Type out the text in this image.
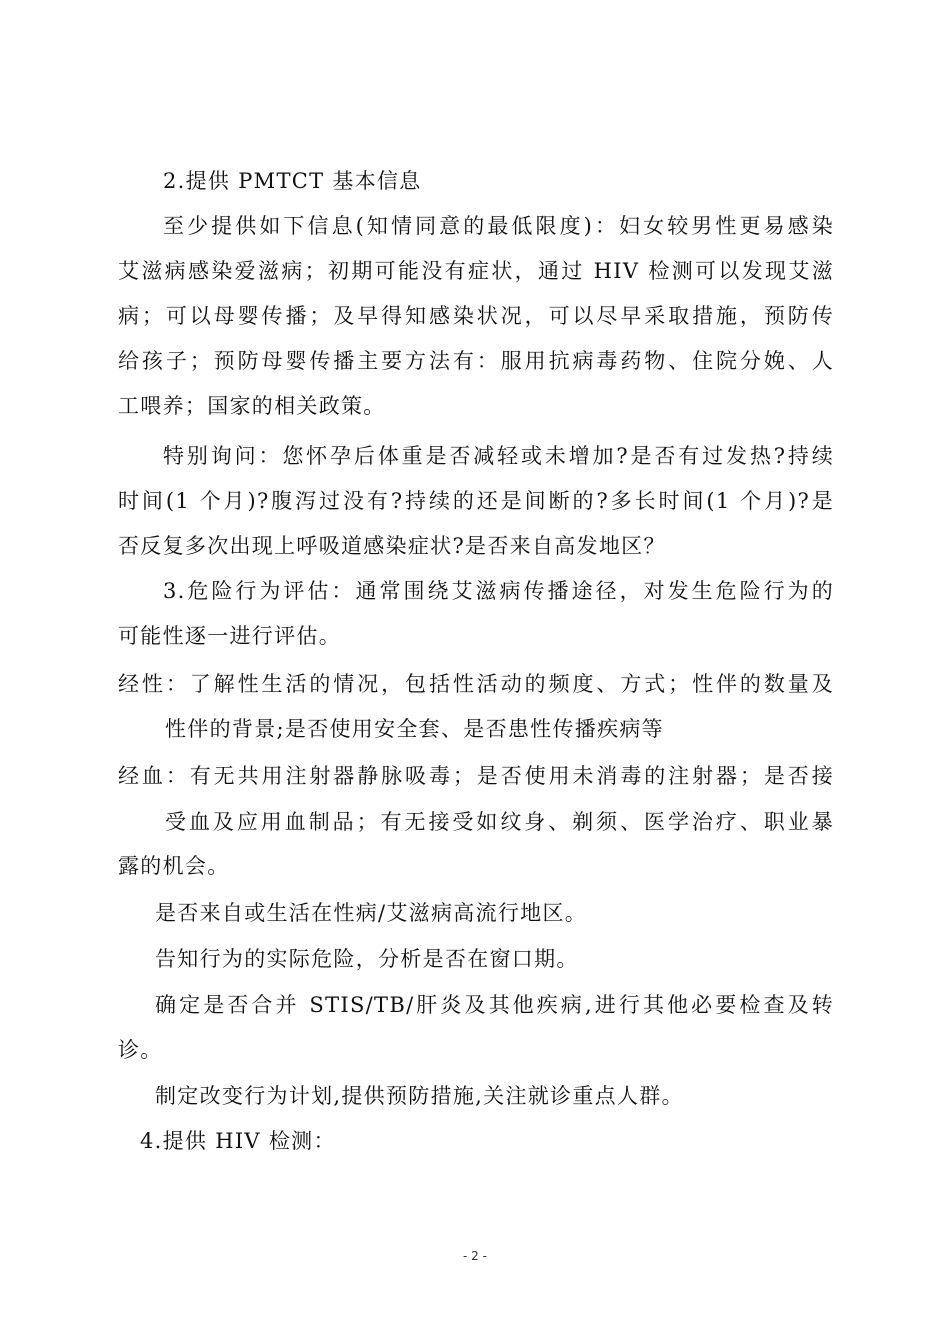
2.提供 PMTCT 基本信息
至少提供如下信息(知情同意的最低限度)：妇女较男性更易感染
艾滋病感染爱滋病；初期可能没有症状，通过 HIV 检测可以发现艾滋
病；可以母婴传播；及早得知感染状况，可以尽早采取措施，预防传
给孩子；预防母婴传播主要方法有：服用抗病毒药物、住院分娩、人
工喂养；国家的相关政策。
特别询问：您怀孕后体重是否减轻或未增加?是否有过发热?持续
时间(1 个月)?腹泻过没有?持续的还是间断的?多长时间(1 个月)?是
否反复多次出现上呼吸道感染症状?是否来自高发地区？
3.危险行为评估：通常围绕艾滋病传播途径，对发生危险行为的
可能性逐一进行评估。
经性：了解性生活的情况，包括性活动的频度、方式；性伴的数量及
性伴的背景;是否使用安全套、是否患性传播疾病等
经血：有无共用注射器静脉吸毒；是否使用未消毒的注射器；是否接
受血及应用血制品；有无接受如纹身、剃须、医学治疗、职业暴
露的机会。
是否来自或生活在性病/艾滋病高流行地区。
告知行为的实际危险，分析是否在窗口期。
确定是否合并 STIS/TB/肝炎及其他疾病,进行其他必要检查及转
诊。
制定改变行为计划,提供预防措施,关注就诊重点人群。
4.提供 HIV 检测：
- 2 -
